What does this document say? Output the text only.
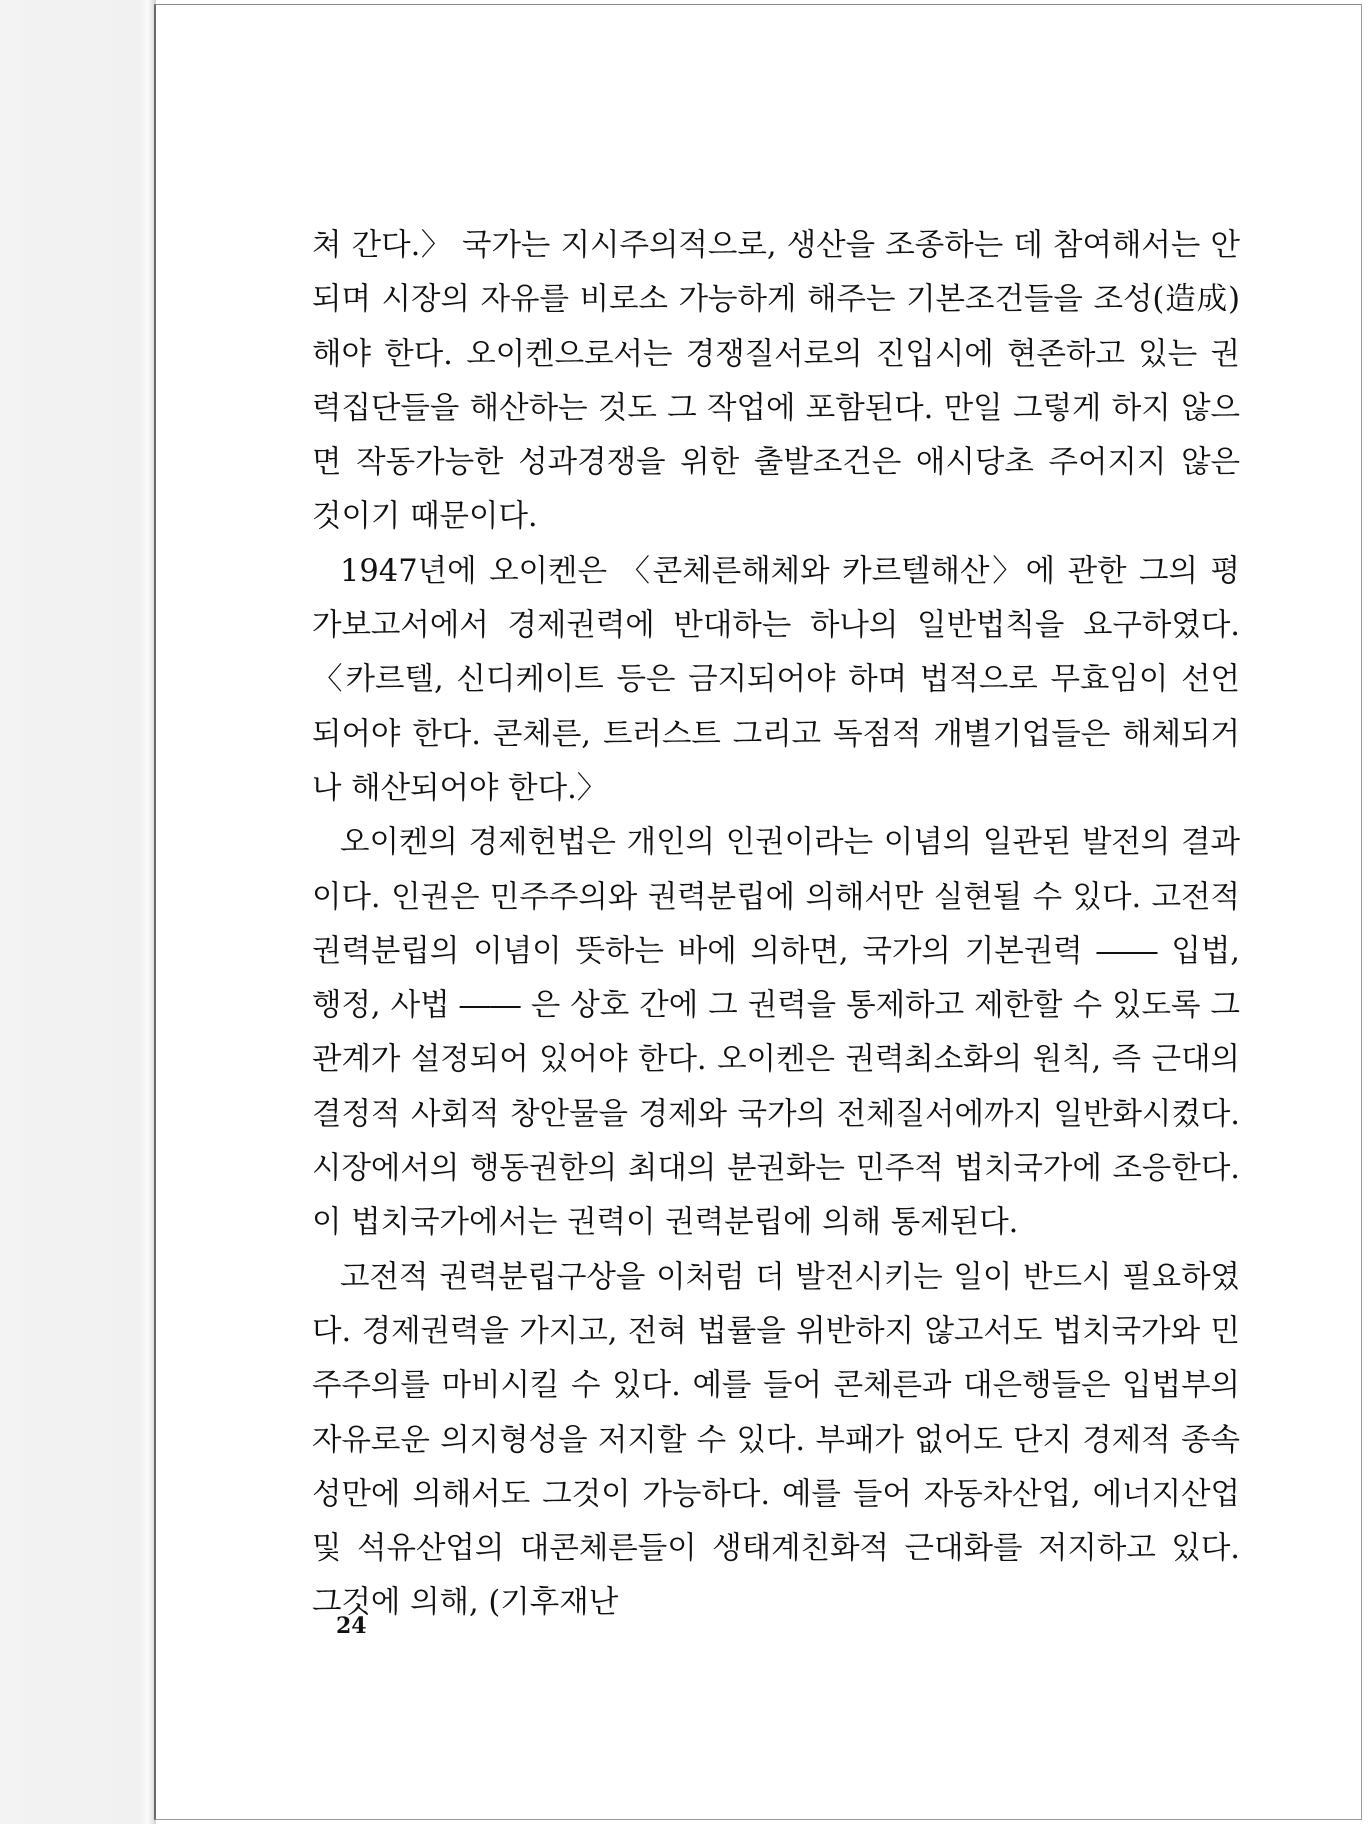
쳐 간다.〉 국가는 지시주의적으로, 생산을 조종하는 데 참여해서는 안 되며 시장의 자유를 비로소 가능하게 해주는 기본조건들을 조성(造成)해야 한다. 오이켄으로서는 경쟁질서로의 진입시에 현존하고 있는 권력집단들을 해산하는 것도 그 작업에 포함된다. 만일 그렇게 하지 않으면 작동가능한 성과경쟁을 위한 출발조건은 애시당초 주어지지 않은 것이기 때문이다.

1947년에 오이켄은 〈콘체른해체와 카르텔해산〉에 관한 그의 평가보고서에서 경제권력에 반대하는 하나의 일반법칙을 요구하였다. 〈카르텔, 신디케이트 등은 금지되어야 하며 법적으로 무효임이 선언되어야 한다. 콘체른, 트러스트 그리고 독점적 개별기업들은 해체되거나 해산되어야 한다.〉

오이켄의 경제헌법은 개인의 인권이라는 이념의 일관된 발전의 결과이다. 인권은 민주주의와 권력분립에 의해서만 실현될 수 있다. 고전적 권력분립의 이념이 뜻하는 바에 의하면, 국가의 기본권력 ―― 입법, 행정, 사법 ―― 은 상호 간에 그 권력을 통제하고 제한할 수 있도록 그 관계가 설정되어 있어야 한다. 오이켄은 권력최소화의 원칙, 즉 근대의 결정적 사회적 창안물을 경제와 국가의 전체질서에까지 일반화시켰다. 시장에서의 행동권한의 최대의 분권화는 민주적 법치국가에 조응한다. 이 법치국가에서는 권력이 권력분립에 의해 통제된다.

고전적 권력분립구상을 이처럼 더 발전시키는 일이 반드시 필요하였다. 경제권력을 가지고, 전혀 법률을 위반하지 않고서도 법치국가와 민주주의를 마비시킬 수 있다. 예를 들어 콘체른과 대은행들은 입법부의 자유로운 의지형성을 저지할 수 있다. 부패가 없어도 단지 경제적 종속성만에 의해서도 그것이 가능하다. 예를 들어 자동차산업, 에너지산업 및 석유산업의 대콘체른들이 생태계친화적 근대화를 저지하고 있다. 그것에 의해, (기후재난

24
